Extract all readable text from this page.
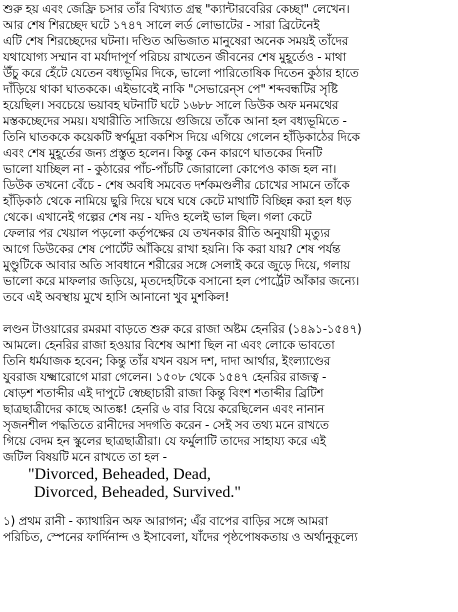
শুরু হয় এবং জেফ্রি চসার তাঁর বিখ্যাত গ্রন্থ "ক্যান্টারবেরির কেচ্ছা" লেখেন।
আর শেষ শিরচ্ছেদ ঘটে ১৭৪৭ সালে লর্ড লোভাটের - সারা ব্রিটেনেই
এটি শেষ শিরচ্ছেদের ঘটনা। দণ্ডিত অভিজাত মানুষেরা অনেক সময়ই তাঁদের
যথাযোগ্য সম্মান বা মর্যাদাপূর্ণ পরিচয় রাখতেন জীবনের শেষ মুহূর্তেও - মাথা
উঁচু করে হেঁটে যেতেন বধ্যভূমির দিকে, ভালো পারিতোষিক দিতেন কুঠার হাতে
দাঁড়িয়ে থাকা ঘাতককে। এইভাবেই নাকি "সেভারেন্‌স পে" শব্দবন্ধটির সৃষ্টি
হয়েছিল। সবচেয়ে ভয়াবহ ঘটনাটি ঘটে ১৬৮৮ সালে ডিউক অফ মনমথের
মস্তকচ্ছেদের সময়। যথারীতি সাজিয়ে গুজিয়ে তাঁকে আনা হল বধ্যভূমিতে -
তিনি ঘাতককে কয়েকটি স্বর্ণমুদ্রা বকশিস দিয়ে এগিয়ে গেলেন হাঁড়িকাঠের দিকে
এবং শেষ মুহূর্তের জন্য প্রস্তুত হলেন। কিন্তু কেন কারণে ঘাতকের দিনটি
ভালো যাচ্ছিল না - কুঠারের পাঁচ-পাঁচটি জোরালো কোপেও কাজ হল না।
ডিউক তখনো বেঁচে - শেষ অবধি সমবেত দর্শকমণ্ডলীর চোখের সামনে তাঁকে
হাঁড়িকাঠ থেকে নামিয়ে ছুরি দিয়ে ঘষে ঘষে কেটে মাথাটি বিচ্ছিন্ন করা হল ধড়
থেকে। এখানেই গল্পের শেষ নয় - যদিও হলেই ভাল ছিল। গলা কেটে
ফেলার পর খেয়াল পড়লো কর্তৃপক্ষের যে তখনকার রীতি অনুযায়ী মৃত্যুর
আগে ডিউকের শেষ পোর্টেট আঁকিয়ে রাখা হয়নি। কি করা যায়? শেষ পর্যন্ত
মুণ্ডুটিকে আবার অতি সাবধানে শরীরের সঙ্গে সেলাই করে জুড়ে দিয়ে, গলায়
ভালো করে মাফলার জড়িয়ে, মৃতদেহটিকে বসানো হল পোর্ট্রেট আঁকার জন্যে।
তবে এই অবস্থায় মুখে হাসি আনানো খুব মুশকিল!
লণ্ডন টাওয়ারের রমরমা বাড়তে শুরু করে রাজা অষ্টম হেনরির (১৪৯১-১৫৪৭)
আমলে। হেনরির রাজা হওয়ার বিশেষ আশা ছিল না এবং লোকে ভাবতো
তিনি ধর্মযাজক হবেন; কিন্তু তাঁর যখন বয়স দশ, দাদা আর্থার, ইংল্যাণ্ডের
যুবরাজ যক্ষ্মারোগে মারা গেলেন। ১৫০৮ থেকে ১৫৪৭ হেনরির রাজত্ব -
ষোড়শ শতাব্দীর এই দাপুটে স্বেচ্ছাচারী রাজা কিন্তু বিংশ শতাব্দীর ব্রিটিশ
ছাত্রছাত্রীদের কাছে আতঙ্ক! হেনরি ৬ বার বিয়ে করেছিলেন এবং নানান
সৃজনশীল পদ্ধতিতে রানীদের সদগতি করেন - সেই সব তথ্য মনে রাখতে
গিয়ে বেদম হন স্কুলের ছাত্রছাত্রীরা। যে ফর্মুলাটি তাদের সাহায্য করে এই
জটিল বিষয়টি মনে রাখতে তা হল -
"Divorced, Beheaded, Dead,
Divorced, Beheaded, Survived."
১) প্রথম রানী - ক্যাথারিন অফ আরাগন; এঁর বাপের বাড়ির সঙ্গে আমরা
পরিচিত, স্পেনের ফার্দিনান্দ ও ইসাবেলা, যাঁদের পৃষ্ঠপোষকতায় ও অর্থানুকূল্যে
